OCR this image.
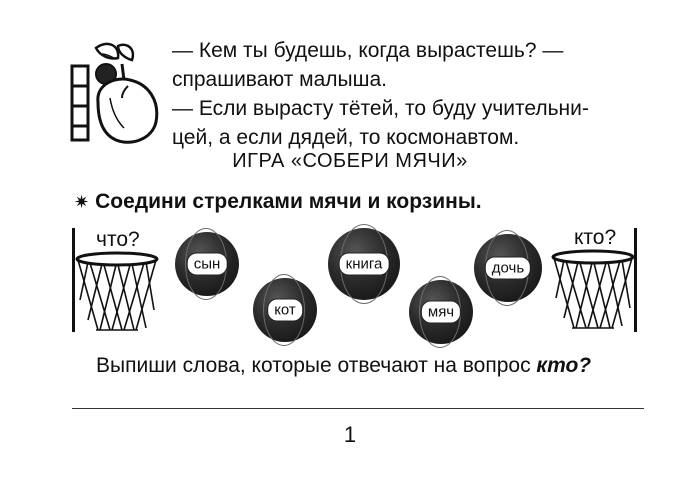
— Кем ты будешь, когда вырастешь? —

спрашивают малыша.

— Если вырасту тётей, то буду учительни-

цей, а если дядей, то космонавтом.

ИГРА «СОБЕРИ МЯЧИ»
✷ Соедини стрелками мячи и корзины.
что?	кто?
сын
кот
книга
мяч
дочь
Выпиши слова, которые отвечают на вопрос кто?
1
